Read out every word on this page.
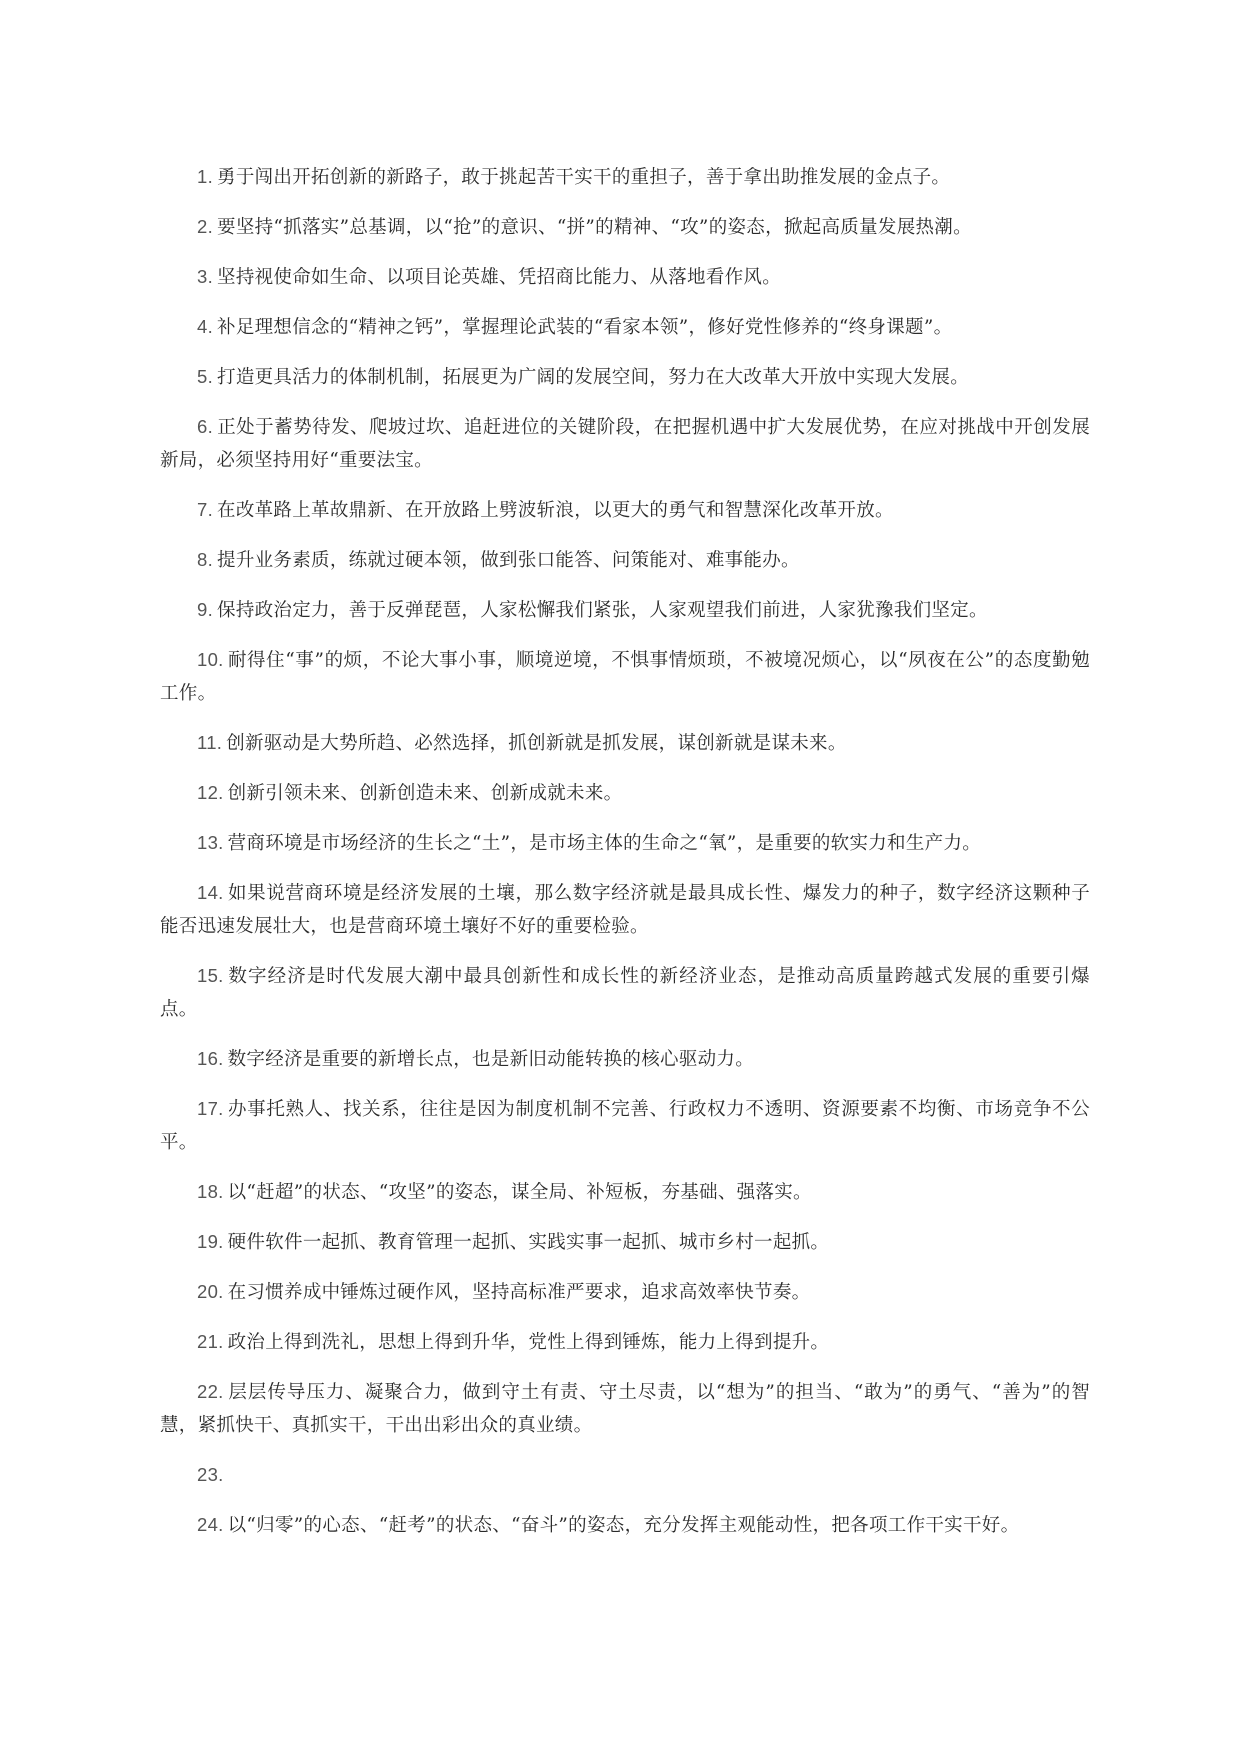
1. 勇于闯出开拓创新的新路子，敢于挑起苦干实干的重担子，善于拿出助推发展的金点子。

2. 要坚持“抓落实”总基调，以“抢”的意识、“拼”的精神、“攻”的姿态，掀起高质量发展热潮。

3. 坚持视使命如生命、以项目论英雄、凭招商比能力、从落地看作风。

4. 补足理想信念的“精神之钙”，掌握理论武装的“看家本领”，修好党性修养的“终身课题”。

5. 打造更具活力的体制机制，拓展更为广阔的发展空间，努力在大改革大开放中实现大发展。

6. 正处于蓄势待发、爬坡过坎、追赶进位的关键阶段，在把握机遇中扩大发展优势，在应对挑战中开创发展新局，必须坚持用好“重要法宝。

7. 在改革路上革故鼎新、在开放路上劈波斩浪，以更大的勇气和智慧深化改革开放。

8. 提升业务素质，练就过硬本领，做到张口能答、问策能对、难事能办。

9. 保持政治定力，善于反弹琵琶，人家松懈我们紧张，人家观望我们前进，人家犹豫我们坚定。

10. 耐得住“事”的烦，不论大事小事，顺境逆境，不惧事情烦琐，不被境况烦心，以“夙夜在公”的态度勤勉工作。

11. 创新驱动是大势所趋、必然选择，抓创新就是抓发展，谋创新就是谋未来。

12. 创新引领未来、创新创造未来、创新成就未来。

13. 营商环境是市场经济的生长之“土”，是市场主体的生命之“氧”，是重要的软实力和生产力。

14. 如果说营商环境是经济发展的土壤，那么数字经济就是最具成长性、爆发力的种子，数字经济这颗种子能否迅速发展壮大，也是营商环境土壤好不好的重要检验。

15. 数字经济是时代发展大潮中最具创新性和成长性的新经济业态，是推动高质量跨越式发展的重要引爆点。

16. 数字经济是重要的新增长点，也是新旧动能转换的核心驱动力。

17. 办事托熟人、找关系，往往是因为制度机制不完善、行政权力不透明、资源要素不均衡、市场竞争不公平。

18. 以“赶超”的状态、“攻坚”的姿态，谋全局、补短板，夯基础、强落实。

19. 硬件软件一起抓、教育管理一起抓、实践实事一起抓、城市乡村一起抓。

20. 在习惯养成中锤炼过硬作风，坚持高标准严要求，追求高效率快节奏。

21. 政治上得到洗礼，思想上得到升华，党性上得到锤炼，能力上得到提升。

22. 层层传导压力、凝聚合力，做到守土有责、守土尽责，以“想为”的担当、“敢为”的勇气、“善为”的智慧，紧抓快干、真抓实干，干出出彩出众的真业绩。

23.

24. 以“归零”的心态、“赶考”的状态、“奋斗”的姿态，充分发挥主观能动性，把各项工作干实干好。
